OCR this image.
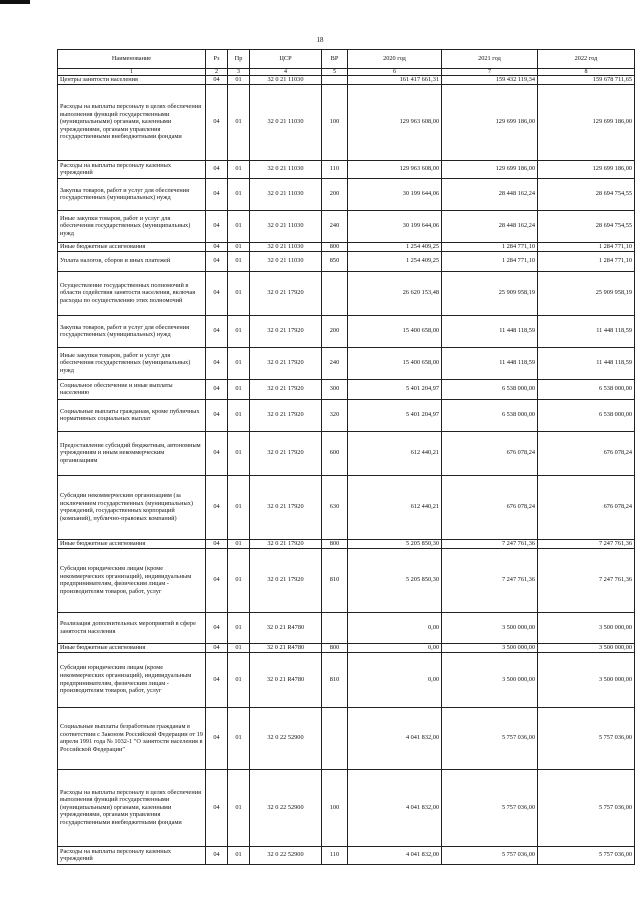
18
Наименование	Рз	Пр	ЦСР	ВР	2020 год	2021 год	2022 год
1	2	3	4	5	6	7	8
Центры занятости населения	04	01	32 0 21 11030		161 417 661,31	159 432 119,34	159 678 711,65
Расходы на выплаты персоналу в целях обеспечения выполнения функций государственными (муниципальными) органами, казенными учреждениями, органами управления государственными внебюджетными фондами	04	01	32 0 21 11030	100	129 963 608,00	129 699 186,00	129 699 186,00
Расходы на выплаты персоналу казенных учреждений	04	01	32 0 21 11030	110	129 963 608,00	129 699 186,00	129 699 186,00
Закупка товаров, работ и услуг для обеспечения государственных (муниципальных) нужд	04	01	32 0 21 11030	200	30 199 644,06	28 448 162,24	28 694 754,55
Иные закупки товаров, работ и услуг для обеспечения государственных (муниципальных) нужд	04	01	32 0 21 11030	240	30 199 644,06	28 448 162,24	28 694 754,55
Иные бюджетные ассигнования	04	01	32 0 21 11030	800	1 254 409,25	1 284 771,10	1 284 771,10
Уплата налогов, сборов и иных платежей	04	01	32 0 21 11030	850	1 254 409,25	1 284 771,10	1 284 771,10
Осуществление государственных полномочий в области содействия занятости населения, включая расходы по осуществлению этих полномочий	04	01	32 0 21 17920		26 620 153,48	25 909 958,19	25 909 958,19
Закупка товаров, работ и услуг для обеспечения государственных (муниципальных) нужд	04	01	32 0 21 17920	200	15 400 658,00	11 448 118,59	11 448 118,59
Иные закупки товаров, работ и услуг для обеспечения государственных (муниципальных) нужд	04	01	32 0 21 17920	240	15 400 658,00	11 448 118,59	11 448 118,59
Социальное обеспечение и иные выплаты населению	04	01	32 0 21 17920	300	5 401 204,97	6 538 000,00	6 538 000,00
Социальные выплаты гражданам, кроме публичных нормативных социальных выплат	04	01	32 0 21 17920	320	5 401 204,97	6 538 000,00	6 538 000,00
Предоставление субсидий бюджетным, автономным учреждениям и иным некоммерческим организациям	04	01	32 0 21 17920	600	612 440,21	676 078,24	676 078,24
Субсидии некоммерческим организациям (за исключением государственных (муниципальных) учреждений, государственных корпораций (компаний), публично-правовых компаний)	04	01	32 0 21 17920	630	612 440,21	676 078,24	676 078,24
Иные бюджетные ассигнования	04	01	32 0 21 17920	800	5 205 850,30	7 247 761,36	7 247 761,36
Субсидии юридическим лицам (кроме некоммерческих организаций), индивидуальным предпринимателям, физическим лицам - производителям товаров, работ, услуг	04	01	32 0 21 17920	810	5 205 850,30	7 247 761,36	7 247 761,36
Реализация дополнительных мероприятий в сфере занятости населения	04	01	32 0 21 R4780		0,00	3 500 000,00	3 500 000,00
Иные бюджетные ассигнования	04	01	32 0 21 R4780	800	0,00	3 500 000,00	3 500 000,00
Субсидии юридическим лицам (кроме некоммерческих организаций), индивидуальным предпринимателям, физическим лицам - производителям товаров, работ, услуг	04	01	32 0 21 R4780	810	0,00	3 500 000,00	3 500 000,00
Социальные выплаты безработным гражданам в соответствии с Законом Российской Федерации от 19 апреля 1991 года № 1032-1 "О занятости населения в Российской Федерации"	04	01	32 0 22 52900		4 041 832,00	5 757 036,00	5 757 036,00
Расходы на выплаты персоналу в целях обеспечения выполнения функций государственными (муниципальными) органами, казенными учреждениями, органами управления государственными внебюджетными фондами	04	01	32 0 22 52900	100	4 041 832,00	5 757 036,00	5 757 036,00
Расходы на выплаты персоналу казенных учреждений	04	01	32 0 22 52900	110	4 041 832,00	5 757 036,00	5 757 036,00
